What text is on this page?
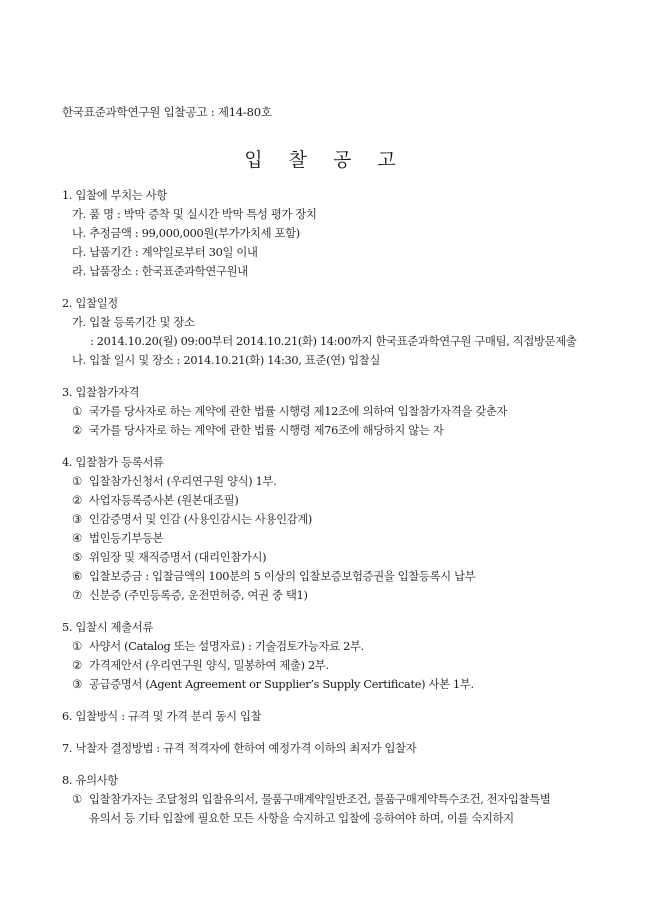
한국표준과학연구원 입찰공고 : 제14-80호
입 찰 공 고
1. 입찰에 부치는 사항
가. 품 명 : 박막 증착 및 실시간 박막 특성 평가 장치
나. 추정금액 : 99,000,000원(부가가치세 포함)
다. 납품기간 : 계약일로부터 30일 이내
라. 납품장소 : 한국표준과학연구원내
2. 입찰일정
가. 입찰 등록기간 및 장소
: 2014.10.20(월) 09:00부터 2014.10.21(화) 14:00까지 한국표준과학연구원 구매팀, 직접방문제출
나. 입찰 일시 및 장소 : 2014.10.21(화) 14:30, 표준(연) 입찰실
3. 입찰참가자격
① 국가를 당사자로 하는 계약에 관한 법률 시행령 제12조에 의하여 입찰참가자격을 갖춘자
② 국가를 당사자로 하는 계약에 관한 법률 시행령 제76조에 해당하지 않는 자
4. 입찰참가 등록서류
① 입찰참가신청서 (우리연구원 양식) 1부.
② 사업자등록증사본 (원본대조필)
③ 인감증명서 및 인감 (사용인감시는 사용인감계)
④ 법인등기부등본
⑤ 위임장 및 재직증명서 (대리인참가시)
⑥ 입찰보증금 : 입찰금액의 100분의 5 이상의 입찰보증보험증권을 입찰등록시 납부
⑦ 신분증 (주민등록증, 운전면허증, 여권 중 택1)
5. 입찰시 제출서류
① 사양서 (Catalog 또는 설명자료) : 기술검토가능자료 2부.
② 가격제안서 (우리연구원 양식, 밀봉하여 제출) 2부.
③ 공급증명서 (Agent Agreement or Supplier’s Supply Certificate) 사본 1부.
6. 입찰방식 : 규격 및 가격 분리 동시 입찰
7. 낙찰자 결정방법 : 규격 적격자에 한하여 예정가격 이하의 최저가 입찰자
8. 유의사항
① 입찰참가자는 조달청의 입찰유의서, 물품구매계약일반조건, 물품구매계약특수조건, 전자입찰특별
유의서 등 기타 입찰에 필요한 모든 사항을 숙지하고 입찰에 응하여야 하며, 이를 숙지하지
